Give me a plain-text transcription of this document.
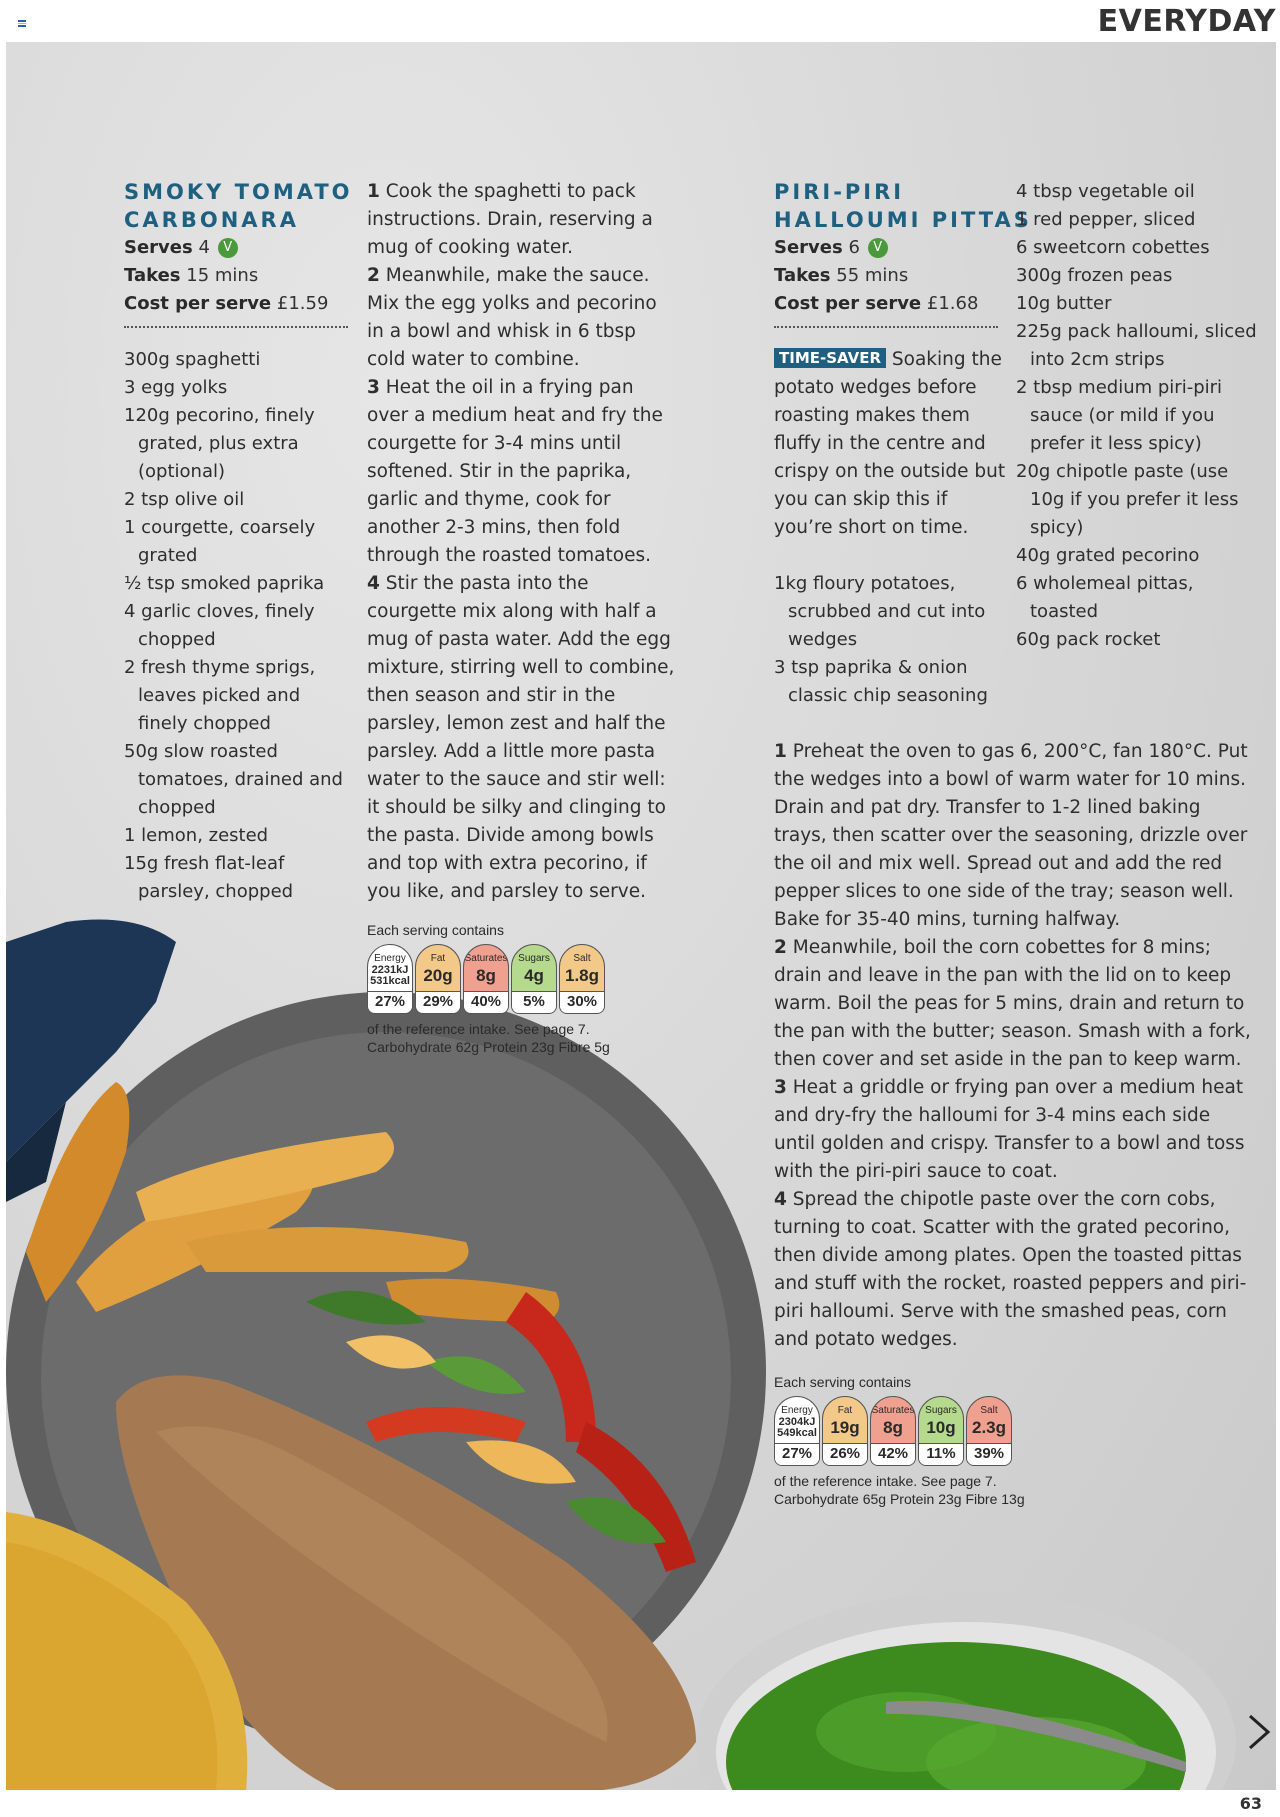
EVERYDAY
SMOKY TOMATO
CARBONARA
Serves 4 V
Takes 15 mins
Cost per serve £1.59
300g spaghetti
3 egg yolks
120g pecorino, finely grated, plus extra (optional)
2 tsp olive oil
1 courgette, coarsely grated
½ tsp smoked paprika
4 garlic cloves, finely chopped
2 fresh thyme sprigs, leaves picked and finely chopped
50g slow roasted tomatoes, drained and chopped
1 lemon, zested
15g fresh flat-leaf parsley, chopped

1 Cook the spaghetti to pack instructions. Drain, reserving a mug of cooking water.

2 Meanwhile, make the sauce. Mix the egg yolks and pecorino in a bowl and whisk in 6 tbsp cold water to combine.

3 Heat the oil in a frying pan over a medium heat and fry the courgette for 3-4 mins until softened. Stir in the paprika, garlic and thyme, cook for another 2-3 mins, then fold through the roasted tomatoes.

4 Stir the pasta into the courgette mix along with half a mug of pasta water. Add the egg mixture, stirring well to combine, then season and stir in the parsley, lemon zest and half the parsley. Add a little more pasta water to the sauce and stir well: it should be silky and clinging to the pasta. Divide among bowls and top with extra pecorino, if you like, and parsley to serve.

Each serving contains
Energy
2231kJ
531kcal
27%
Fat
20g
29%
Saturates
8g
40%
Sugars
4g
5%
Salt
1.8g
30%
of the reference intake. See page 7.
Carbohydrate 62g Protein 23g Fibre 5g
PIRI-PIRI
HALLOUMI PITTAS
Serves 6 V
Takes 55 mins
Cost per serve £1.68
TIME-SAVER Soaking the potato wedges before roasting makes them fluffy in the centre and crispy on the outside but you can skip this if you’re short on time.
1kg floury potatoes, scrubbed and cut into wedges
3 tsp paprika & onion classic chip seasoning
4 tbsp vegetable oil
1 red pepper, sliced
6 sweetcorn cobettes
300g frozen peas
10g butter
225g pack halloumi, sliced into 2cm strips
2 tbsp medium piri-piri sauce (or mild if you prefer it less spicy)
20g chipotle paste (use 10g if you prefer it less spicy)
40g grated pecorino
6 wholemeal pittas, toasted
60g pack rocket

1 Preheat the oven to gas 6, 200°C, fan 180°C. Put the wedges into a bowl of warm water for 10 mins. Drain and pat dry. Transfer to 1-2 lined baking trays, then scatter over the seasoning, drizzle over the oil and mix well. Spread out and add the red pepper slices to one side of the tray; season well. Bake for 35-40 mins, turning halfway.

2 Meanwhile, boil the corn cobettes for 8 mins; drain and leave in the pan with the lid on to keep warm. Boil the peas for 5 mins, drain and return to the pan with the butter; season. Smash with a fork, then cover and set aside in the pan to keep warm.

3 Heat a griddle or frying pan over a medium heat and dry-fry the halloumi for 3-4 mins each side until golden and crispy. Transfer to a bowl and toss with the piri-piri sauce to coat.

4 Spread the chipotle paste over the corn cobs, turning to coat. Scatter with the grated pecorino, then divide among plates. Open the toasted pittas and stuff with the rocket, roasted peppers and piri-piri halloumi. Serve with the smashed peas, corn and potato wedges.

Each serving contains
Energy
2304kJ
549kcal
27%
Fat
19g
26%
Saturates
8g
42%
Sugars
10g
11%
Salt
2.3g
39%
of the reference intake. See page 7.
Carbohydrate 65g Protein 23g Fibre 13g
63
